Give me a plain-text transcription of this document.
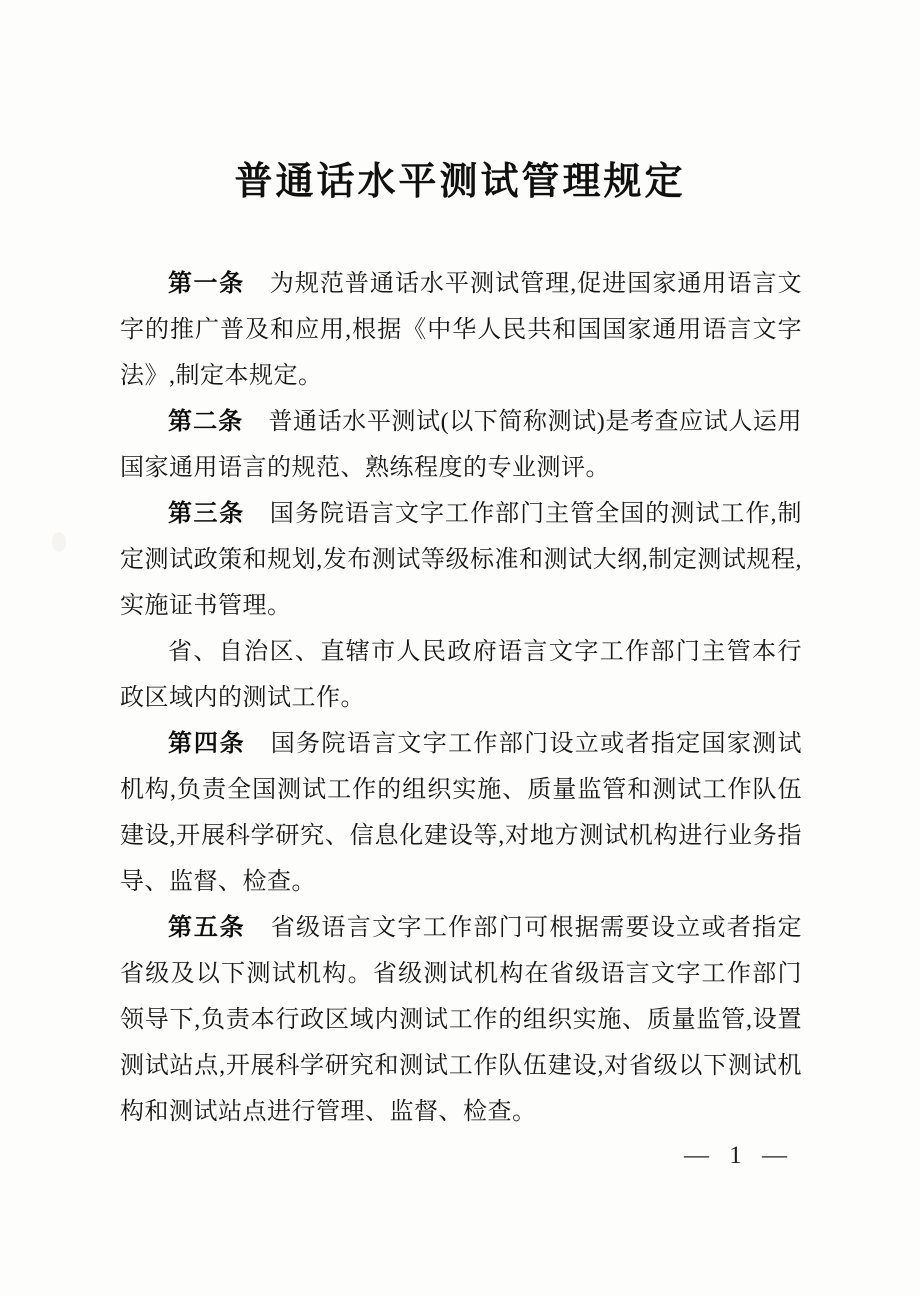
普通话水平测试管理规定

第一条 为规范普通话水平测试管理,促进国家通用语言文字的推广普及和应用,根据《中华人民共和国国家通用语言文字法》,制定本规定。

第二条 普通话水平测试(以下简称测试)是考查应试人运用国家通用语言的规范、熟练程度的专业测评。

第三条 国务院语言文字工作部门主管全国的测试工作,制定测试政策和规划,发布测试等级标准和测试大纲,制定测试规程,实施证书管理。

省、自治区、直辖市人民政府语言文字工作部门主管本行政区域内的测试工作。

第四条 国务院语言文字工作部门设立或者指定国家测试机构,负责全国测试工作的组织实施、质量监管和测试工作队伍建设,开展科学研究、信息化建设等,对地方测试机构进行业务指导、监督、检查。

第五条 省级语言文字工作部门可根据需要设立或者指定省级及以下测试机构。省级测试机构在省级语言文字工作部门领导下,负责本行政区域内测试工作的组织实施、质量监管,设置测试站点,开展科学研究和测试工作队伍建设,对省级以下测试机构和测试站点进行管理、监督、检查。

— 1 —
